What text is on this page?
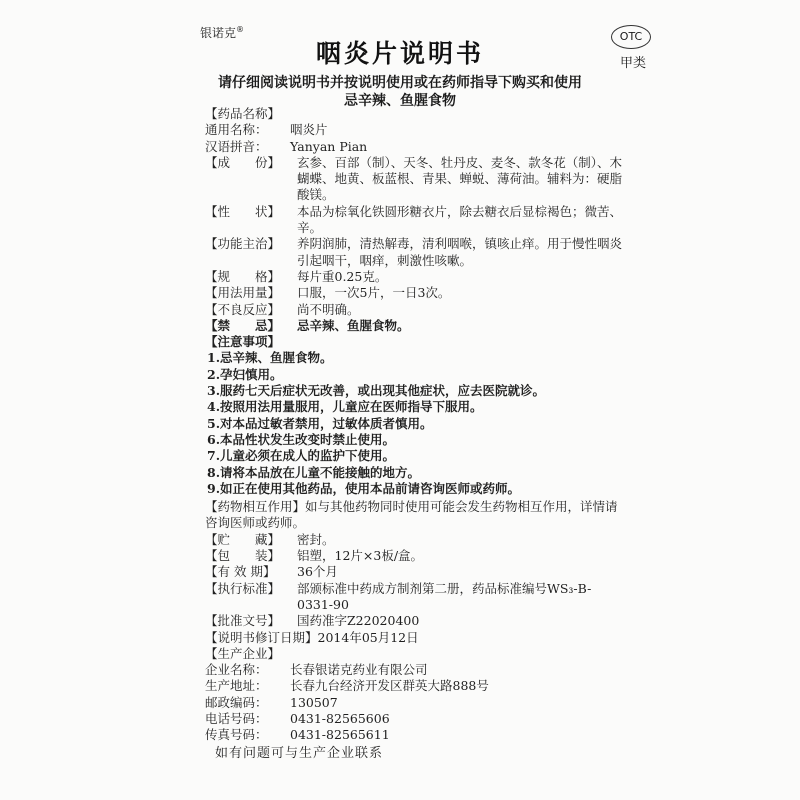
银诺克®
咽炎片说明书
OTC
甲类
请仔细阅读说明书并按说明使用或在药师指导下购买和使用
忌辛辣、鱼腥食物
【药品名称】
通用名称：	咽炎片
汉语拼音：	Yanyan Pian
【成　　份】	玄参、百部（制）、天冬、牡丹皮、麦冬、款冬花（制）、木蝴蝶、地黄、板蓝根、青果、蝉蜕、薄荷油。辅料为：硬脂酸镁。
【性　　状】	本品为棕氧化铁圆形糖衣片，除去糖衣后显棕褐色；微苦、辛。
【功能主治】	养阴润肺，清热解毒，清利咽喉，镇咳止痒。用于慢性咽炎引起咽干，咽痒，刺激性咳嗽。
【规　　格】	每片重0.25克。
【用法用量】	口服，一次5片，一日3次。
【不良反应】	尚不明确。
【禁　　忌】	忌辛辣、鱼腥食物。
【注意事项】
1.忌辛辣、鱼腥食物。
2.孕妇慎用。
3.服药七天后症状无改善，或出现其他症状，应去医院就诊。
4.按照用法用量服用，儿童应在医师指导下服用。
5.对本品过敏者禁用，过敏体质者慎用。
6.本品性状发生改变时禁止使用。
7.儿童必须在成人的监护下使用。
8.请将本品放在儿童不能接触的地方。
9.如正在使用其他药品，使用本品前请咨询医师或药师。
【药物相互作用】如与其他药物同时使用可能会发生药物相互作用，详情请咨询医师或药师。
【贮　　藏】	密封。
【包　　装】	铝塑，12片×3板/盒。
【有 效 期】	36个月
【执行标准】	部颁标准中药成方制剂第二册，药品标准编号WS₃-B-0331-90
【批准文号】	国药准字Z22020400
【说明书修订日期】2014年05月12日
【生产企业】
企业名称：	长春银诺克药业有限公司
生产地址：	长春九台经济开发区群英大路888号
邮政编码：	130507
电话号码：	0431-82565606
传真号码：	0431-82565611
如有问题可与生产企业联系
